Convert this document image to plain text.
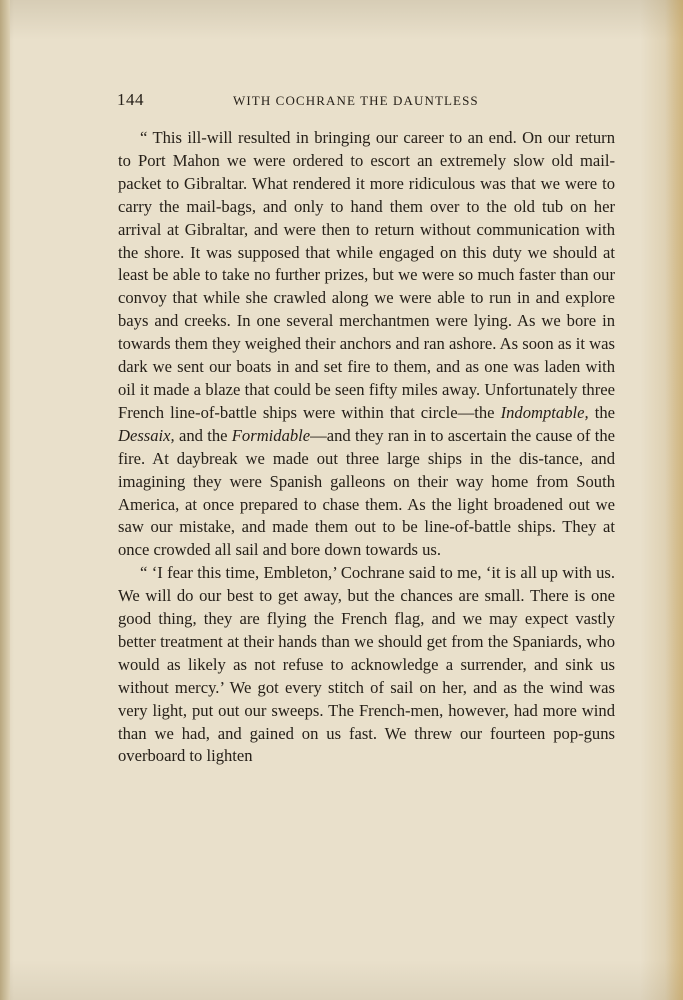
144	WITH COCHRANE THE DAUNTLESS

“ This ill-will resulted in bringing our career to an end. On our return to Port Mahon we were ordered to escort an extremely slow old mail-packet to Gibraltar. What rendered it more ridiculous was that we were to carry the mail-bags, and only to hand them over to the old tub on her arrival at Gibraltar, and were then to return without communication with the shore. It was supposed that while engaged on this duty we should at least be able to take no further prizes, but we were so much faster than our convoy that while she crawled along we were able to run in and explore bays and creeks. In one several merchantmen were lying. As we bore in towards them they weighed their anchors and ran ashore. As soon as it was dark we sent our boats in and set fire to them, and as one was laden with oil it made a blaze that could be seen fifty miles away. Unfortunately three French line-of-battle ships were within that circle—the Indomptable, the Dessaix, and the Formidable—and they ran in to ascertain the cause of the fire. At daybreak we made out three large ships in the dis-tance, and imagining they were Spanish galleons on their way home from South America, at once prepared to chase them. As the light broadened out we saw our mistake, and made them out to be line-of-battle ships. They at once crowded all sail and bore down towards us.

“ ‘I fear this time, Embleton,’ Cochrane said to me, ‘it is all up with us. We will do our best to get away, but the chances are small. There is one good thing, they are flying the French flag, and we may expect vastly better treatment at their hands than we should get from the Spaniards, who would as likely as not refuse to acknowledge a surrender, and sink us without mercy.’ We got every stitch of sail on her, and as the wind was very light, put out our sweeps. The French-men, however, had more wind than we had, and gained on us fast. We threw our fourteen pop-guns overboard to lighten
